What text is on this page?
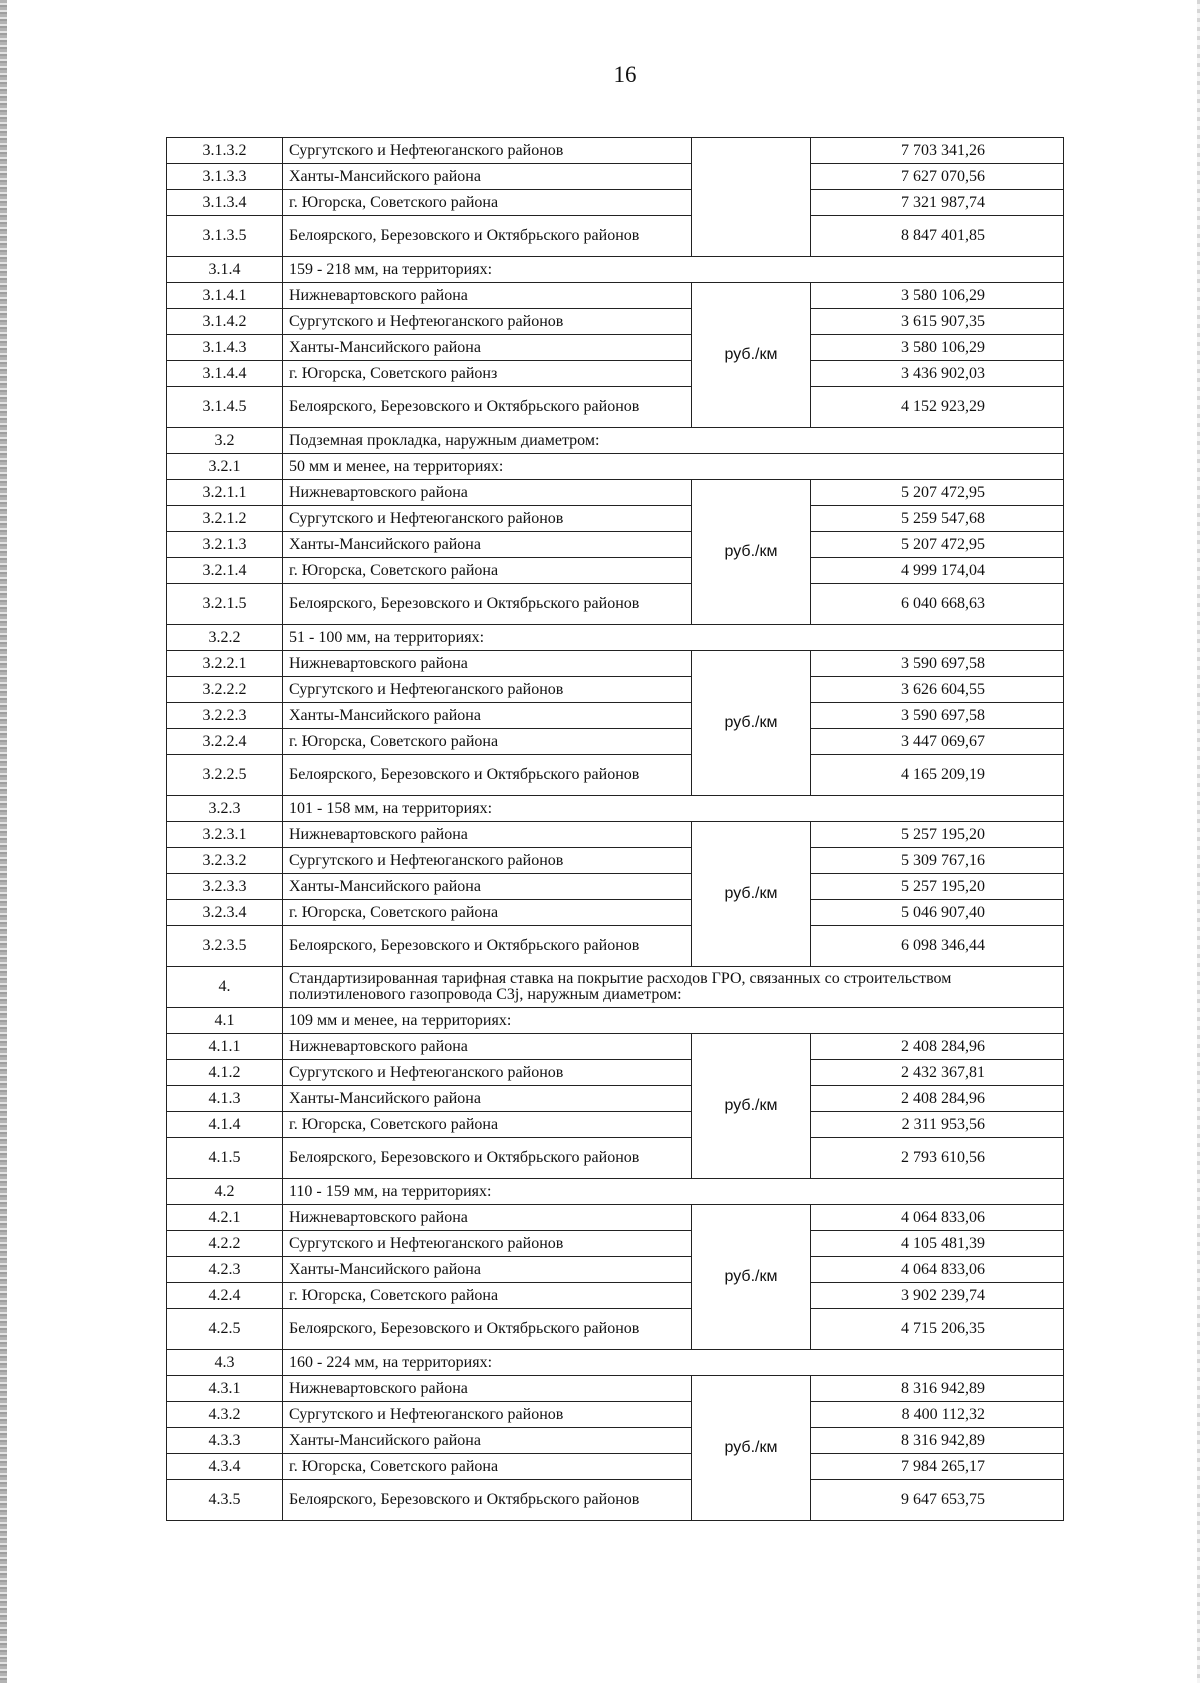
16
3.1.3.2	Сургутского и Нефтеюганского районов		7 703 341,26
3.1.3.3	Ханты-Мансийского района		7 627 070,56
3.1.3.4	г. Югорска, Советского района		7 321 987,74
3.1.3.5	Белоярского, Березовского и Октябрьского районов		8 847 401,85
3.1.4	159 - 218 мм, на территориях:		
3.1.4.1	Нижневартовского района	руб./км	3 580 106,29
3.1.4.2	Сургутского и Нефтеюганского районов		3 615 907,35
3.1.4.3	Ханты-Мансийского района		3 580 106,29
3.1.4.4	г. Югорска, Советского районз		3 436 902,03
3.1.4.5	Белоярского, Березовского и Октябрьского районов		4 152 923,29
3.2	Подземная прокладка, наружным диаметром:		
3.2.1	50 мм и менее, на территориях:		
3.2.1.1	Нижневартовского района	руб./км	5 207 472,95
3.2.1.2	Сургутского и Нефтеюганского районов		5 259 547,68
3.2.1.3	Ханты-Мансийского района		5 207 472,95
3.2.1.4	г. Югорска, Советского района		4 999 174,04
3.2.1.5	Белоярского, Березовского и Октябрьского районов		6 040 668,63
3.2.2	51 - 100 мм, на территориях:		
3.2.2.1	Нижневартовского района	руб./км	3 590 697,58
3.2.2.2	Сургутского и Нефтеюганского районов		3 626 604,55
3.2.2.3	Ханты-Мансийского района		3 590 697,58
3.2.2.4	г. Югорска, Советского района		3 447 069,67
3.2.2.5	Белоярского, Березовского и Октябрьского районов		4 165 209,19
3.2.3	101 - 158 мм, на территориях:		
3.2.3.1	Нижневартовского района	руб./км	5 257 195,20
3.2.3.2	Сургутского и Нефтеюганского районов		5 309 767,16
3.2.3.3	Ханты-Мансийского района		5 257 195,20
3.2.3.4	г. Югорска, Советского района		5 046 907,40
3.2.3.5	Белоярского, Березовского и Октябрьского районов		6 098 346,44
4.	Стандартизированная тарифная ставка на покрытие расходов ГРО, связанных со строительством полиэтиленового газопровода С3j, наружным диаметром:		
4.1	109 мм и менее, на территориях:		
4.1.1	Нижневартовского района	руб./км	2 408 284,96
4.1.2	Сургутского и Нефтеюганского районов		2 432 367,81
4.1.3	Ханты-Мансийского района		2 408 284,96
4.1.4	г. Югорска, Советского района		2 311 953,56
4.1.5	Белоярского, Березовского и Октябрьского районов		2 793 610,56
4.2	110 - 159 мм, на территориях:		
4.2.1	Нижневартовского района	руб./км	4 064 833,06
4.2.2	Сургутского и Нефтеюганского районов		4 105 481,39
4.2.3	Ханты-Мансийского района		4 064 833,06
4.2.4	г. Югорска, Советского района		3 902 239,74
4.2.5	Белоярского, Березовского и Октябрьского районов		4 715 206,35
4.3	160 - 224 мм, на территориях:		
4.3.1	Нижневартовского района	руб./км	8 316 942,89
4.3.2	Сургутского и Нефтеюганского районов		8 400 112,32
4.3.3	Ханты-Мансийского района		8 316 942,89
4.3.4	г. Югорска, Советского района		7 984 265,17
4.3.5	Белоярского, Березовского и Октябрьского районов		9 647 653,75
